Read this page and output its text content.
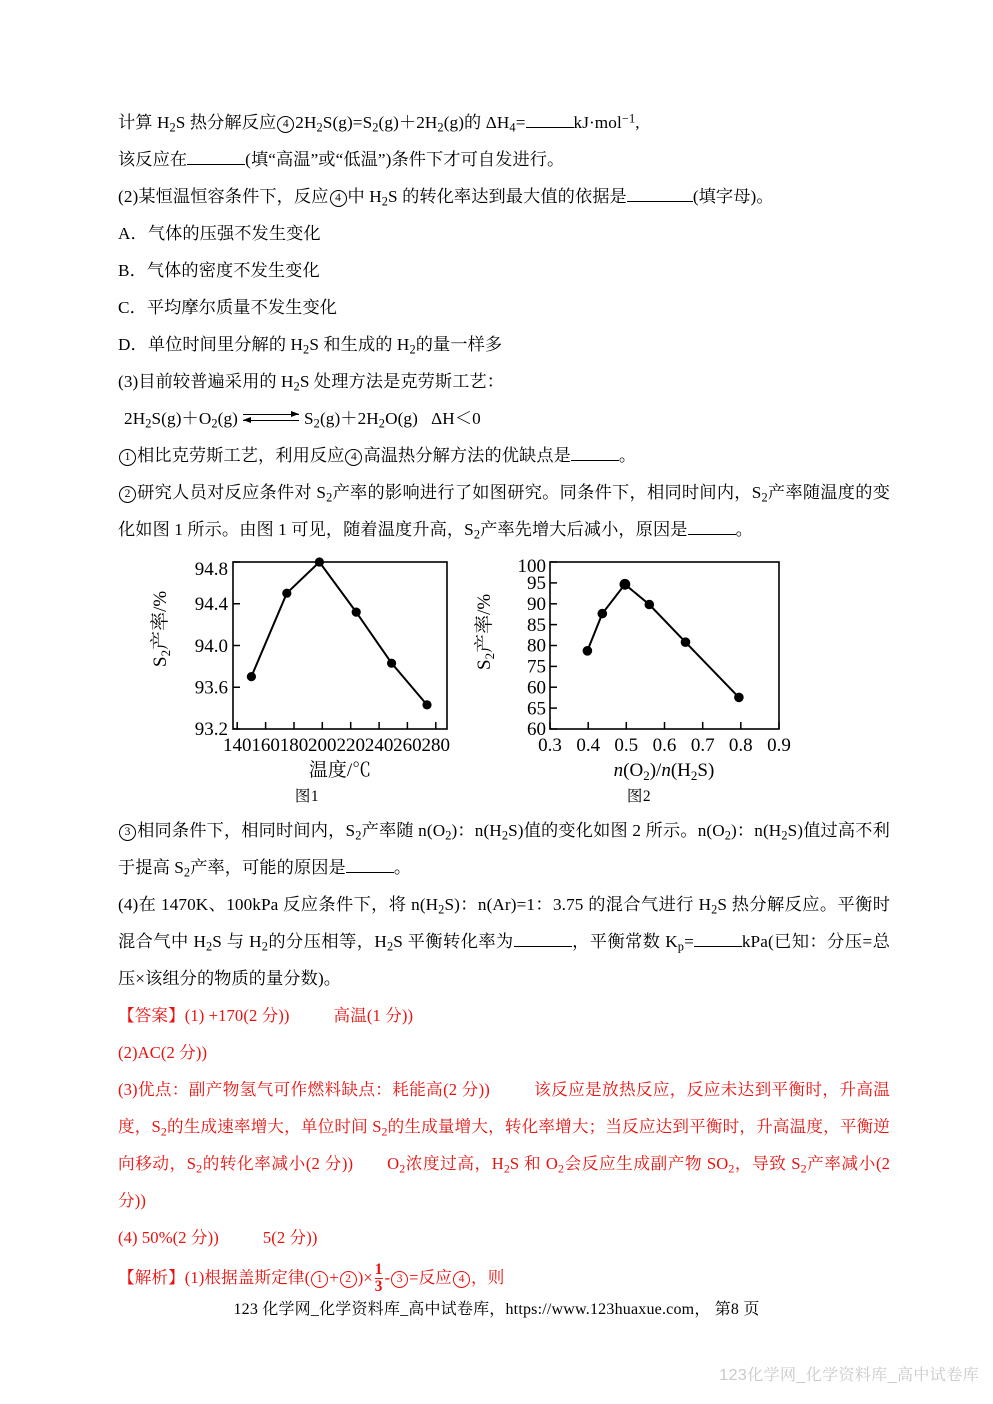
计算 $H_2S$ 热分解反应 4 $2H_2S(g)=S_2(g)+2H_2(g)$的 $\Delta H_4=$	kJ·mol$^{-1}$,
该反应在	(填“高温”或“低温”)条件下才可自发进行。
(2)某恒温恒容条件下，反应 4 中 $H_2S$ 的转化率达到最大值的依据是	(填字母)。
A．气体的压强不发生变化
B．气体的密度不发生变化
C．平均摩尔质量不发生变化
D．单位时间里分解的 $H_2S$ 和生成的 $H_2$的量一样多
(3)目前较普遍采用的 $H_2S$ 处理方法是克劳斯工艺：
$2H_2S(g)+O_2(g)$	$S_2(g)+2H_2O(g)$ ΔH＜0
1 相比克劳斯工艺，利用反应 4 高温热分解方法的优缺点是	。
2 研究人员对反应条件对 $S_2$产率的影响进行了如图研究。同条件下，相同时间内，$S_2$产率随温度的变化如图 1 所示。由图 1 可见，随着温度升高，$S_2$产率先增大后减小，原因是	。
93.2
93.6
94.0
94.4
94.8
140 160 180 200 220 240 260 280
$S_2$产率/%
温度/℃
图1
60
65
60
75
80
85
90
95
100
0.3 0.4 0.5 0.6 0.7 0.8 0.9
$S_2$产率/%
$n(O_2)/n(H_2S)$
图2
3 相同条件下，相同时间内，$S_2$产率随 $n(O_2)$：$n(H_2S)$值的变化如图 2 所示。$n(O_2)$：$n(H_2S)$值过高不利于提高 $S_2$产率，可能的原因是	。
(4)在 1470K、100kPa 反应条件下，将 $n(H_2S)$：n(Ar)=1：3.75 的混合气进行 $H_2S$ 热分解反应。平衡时混合气中 $H_2S$ 与 $H_2$的分压相等，$H_2S$ 平衡转化率为	，平衡常数 $K_p=$	kPa(已知：分压=总压×该组分的物质的量分数)。
【答案】(1) +170(2 分))	高温(1 分))
(2)AC(2 分))
(3)优点：副产物氢气可作燃料缺点：耗能高(2 分))	该反应是放热反应，反应未达到平衡时，升高温度，$S_2$的生成速率增大，单位时间 $S_2$的生成量增大，转化率增大；当反应达到平衡时，升高温度，平衡逆向移动，$S_2$的转化率减小(2 分)) $O_2$浓度过高，$H_2S$ 和 $O_2$会反应生成副产物 $SO_2$，导致 $S_2$产率减小(2 分))
(4) 50%(2 分))	5(2 分))
【解析】(1)根据盖斯定律( 1 + 2 )× $\frac{1}{3} - 3$ =反应 4 ，则
123 化学网_化学资料库_高中试卷库，https://www.123huaxue.com， 第8 页
123化学网_化学资料库_高中试卷库
